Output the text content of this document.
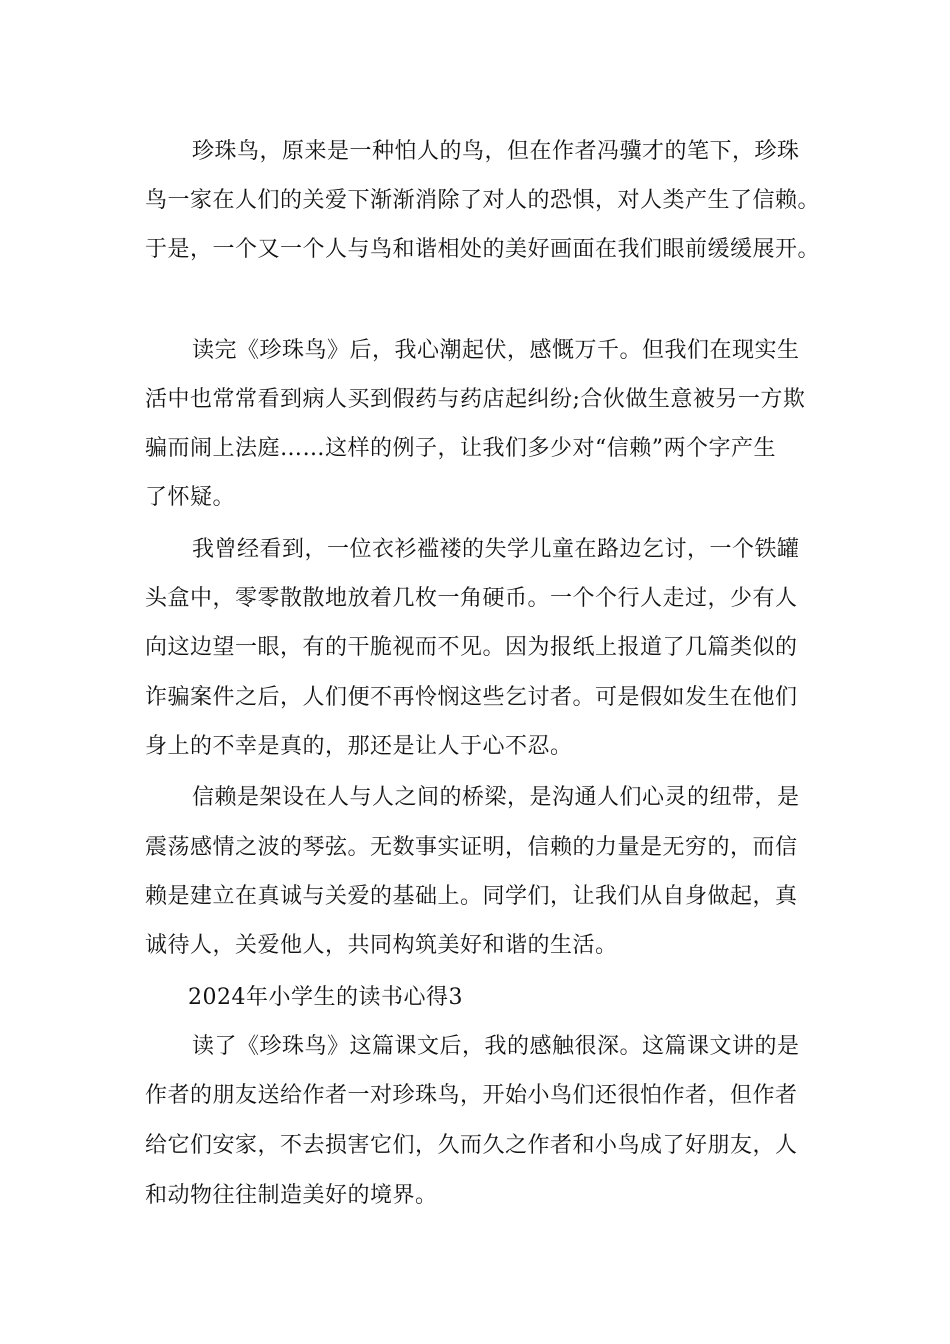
珍珠鸟，原来是一种怕人的鸟，但在作者冯骥才的笔下，珍珠
鸟一家在人们的关爱下渐渐消除了对人的恐惧，对人类产生了信赖。
于是，一个又一个人与鸟和谐相处的美好画面在我们眼前缓缓展开。
读完《珍珠鸟》后，我心潮起伏，感慨万千。但我们在现实生
活中也常常看到病人买到假药与药店起纠纷;合伙做生意被另一方欺
骗而闹上法庭……这样的例子，让我们多少对“信赖”两个字产生
了怀疑。
我曾经看到，一位衣衫褴褛的失学儿童在路边乞讨，一个铁罐
头盒中，零零散散地放着几枚一角硬币。一个个行人走过，少有人
向这边望一眼，有的干脆视而不见。因为报纸上报道了几篇类似的
诈骗案件之后，人们便不再怜悯这些乞讨者。可是假如发生在他们
身上的不幸是真的，那还是让人于心不忍。
信赖是架设在人与人之间的桥梁，是沟通人们心灵的纽带，是
震荡感情之波的琴弦。无数事实证明，信赖的力量是无穷的，而信
赖是建立在真诚与关爱的基础上。同学们，让我们从自身做起，真
诚待人，关爱他人，共同构筑美好和谐的生活。
2024年小学生的读书心得3
读了《珍珠鸟》这篇课文后，我的感触很深。这篇课文讲的是
作者的朋友送给作者一对珍珠鸟，开始小鸟们还很怕作者，但作者
给它们安家，不去损害它们，久而久之作者和小鸟成了好朋友，人
和动物往往制造美好的境界。
